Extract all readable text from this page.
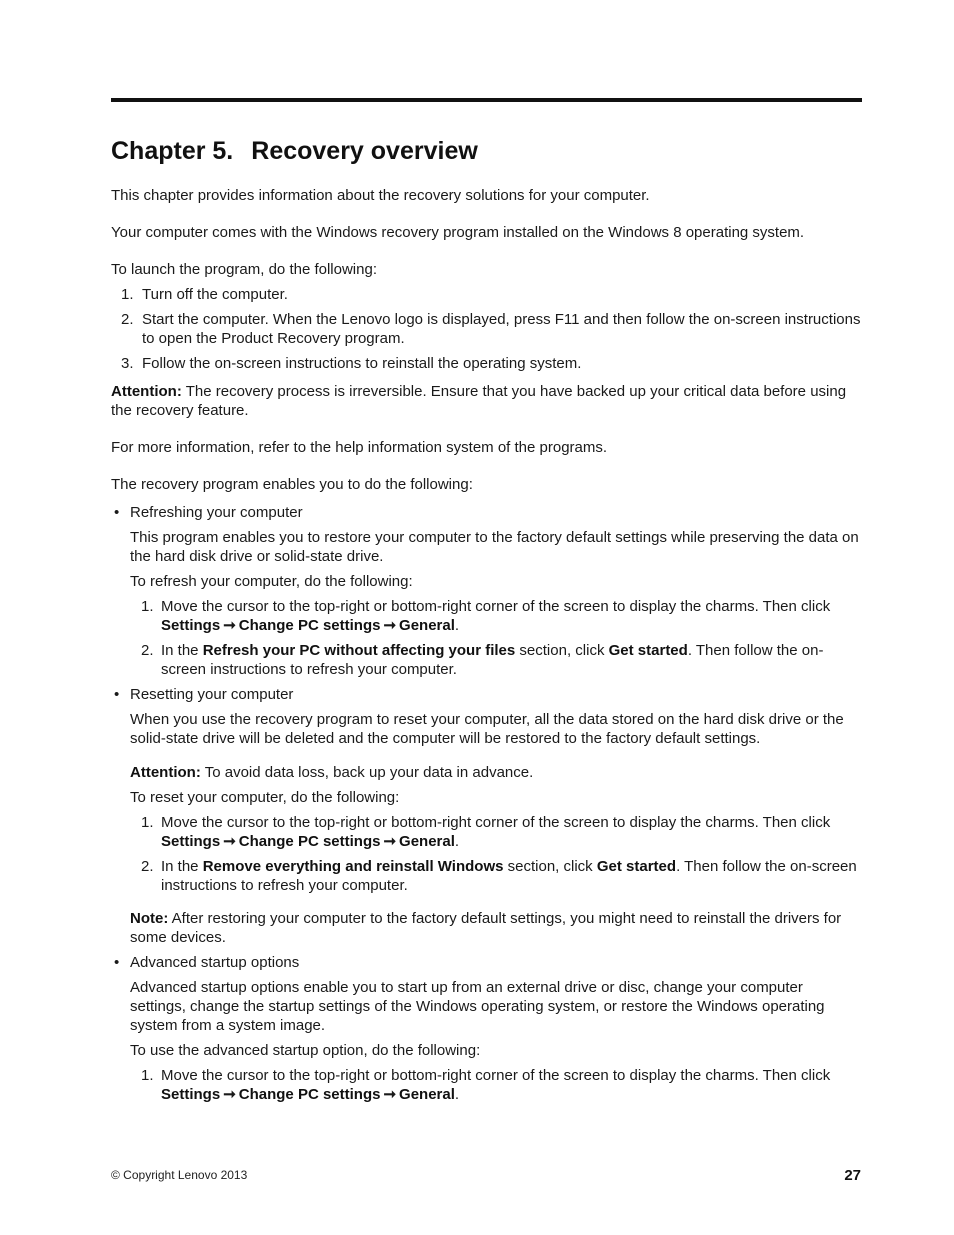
Chapter 5. Recovery overview

This chapter provides information about the recovery solutions for your computer.

Your computer comes with the Windows recovery program installed on the Windows 8 operating system.

To launch the program, do the following:

1. Turn off the computer.
2. Start the computer. When the Lenovo logo is displayed, press F11 and then follow the on-screen instructions to open the Product Recovery program.
3. Follow the on-screen instructions to reinstall the operating system.

Attention: The recovery process is irreversible. Ensure that you have backed up your critical data before using the recovery feature.

For more information, refer to the help information system of the programs.

The recovery program enables you to do the following:

• Refreshing your computer

This program enables you to restore your computer to the factory default settings while preserving the data on the hard disk drive or solid-state drive.

To refresh your computer, do the following:

1. Move the cursor to the top-right or bottom-right corner of the screen to display the charms. Then click Settings ➞ Change PC settings ➞ General.
2. In the Refresh your PC without affecting your files section, click Get started. Then follow the on-screen instructions to refresh your computer.
• Resetting your computer

When you use the recovery program to reset your computer, all the data stored on the hard disk drive or the solid-state drive will be deleted and the computer will be restored to the factory default settings.

Attention: To avoid data loss, back up your data in advance.

To reset your computer, do the following:

1. Move the cursor to the top-right or bottom-right corner of the screen to display the charms. Then click Settings ➞ Change PC settings ➞ General.
2. In the Remove everything and reinstall Windows section, click Get started. Then follow the on-screen instructions to refresh your computer.

Note: After restoring your computer to the factory default settings, you might need to reinstall the drivers for some devices.

• Advanced startup options

Advanced startup options enable you to start up from an external drive or disc, change your computer settings, change the startup settings of the Windows operating system, or restore the Windows operating system from a system image.

To use the advanced startup option, do the following:

1. Move the cursor to the top-right or bottom-right corner of the screen to display the charms. Then click Settings ➞ Change PC settings ➞ General.
© Copyright Lenovo 2013	27
